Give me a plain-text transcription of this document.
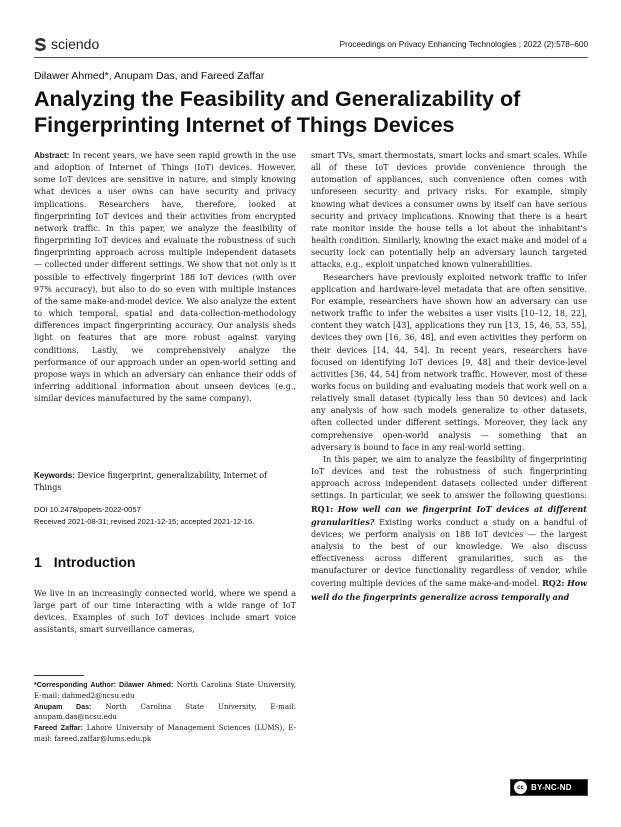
sciendo	Proceedings on Privacy Enhancing Technologies ; 2022 (2):578–600
Dilawer Ahmed*, Anupam Das, and Fareed Zaffar
Analyzing the Feasibility and Generalizability of
Fingerprinting Internet of Things Devices

Abstract: In recent years, we have seen rapid growth in the use and adoption of Internet of Things (IoT) devices. However, some IoT devices are sensitive in nature, and simply knowing what devices a user owns can have security and privacy implications. Researchers have, therefore, looked at fingerprinting IoT devices and their activities from encrypted network traffic. In this paper, we analyze the feasibility of fingerprinting IoT devices and evaluate the robustness of such fingerprinting approach across multiple independent datasets — collected under different settings. We show that not only is it possible to effectively fingerprint 188 IoT devices (with over 97% accuracy), but also to do so even with multiple instances of the same make-and-model device. We also analyze the extent to which temporal, spatial and data-collection-methodology differences impact fingerprinting accuracy. Our analysis sheds light on features that are more robust against varying conditions. Lastly, we comprehensively analyze the performance of our approach under an open-world setting and propose ways in which an adversary can enhance their odds of inferring additional information about unseen devices (e.g., similar devices manufactured by the same company).

Keywords: Device fingerprint, generalizability, Internet of Things
DOI 10.2478/popets-2022-0057
Received 2021-08-31; revised 2021-12-15; accepted 2021-12-16.
1 Introduction

We live in an increasingly connected world, where we spend a large part of our time interacting with a wide range of IoT devices. Examples of such IoT devices include smart voice assistants, smart surveillance cameras,

*Corresponding Author: Dilawer Ahmed: North Carolina State University, E-mail: dahmed2@ncsu.edu

Anupam Das: North Carolina State University, E-mail: anupam.das@ncsu.edu

Fareed Zaffar: Lahore University of Management Sciences (LUMS), E-mail: fareed.zaffar@lums.edu.pk

smart TVs, smart thermostats, smart locks and smart scales. While all of these IoT devices provide convenience through the automation of appliances, such convenience often comes with unforeseen security and privacy risks. For example, simply knowing what devices a consumer owns by itself can have serious security and privacy implications. Knowing that there is a heart rate monitor inside the house tells a lot about the inhabitant's health condition. Similarly, knowing the exact make and model of a security lock can potentially help an adversary launch targeted attacks, e.g., exploit unpatched known vulnerabilities.

Researchers have previously exploited network traffic to infer application and hardware-level metadata that are often sensitive. For example, researchers have shown how an adversary can use network traffic to infer the websites a user visits [10–12, 18, 22], content they watch [43], applications they run [13, 15, 46, 53, 55], devices they own [16, 36, 48], and even activities they perform on their devices [14, 44, 54]. In recent years, researchers have focused on identifying IoT devices [9, 48] and their device-level activities [36, 44, 54] from network traffic. However, most of these works focus on building and evaluating models that work well on a relatively small dataset (typically less than 50 devices) and lack any analysis of how such models generalize to other datasets, often collected under different settings. Moreover, they lack any comprehensive open-world analysis — something that an adversary is bound to face in any real-world setting.

In this paper, we aim to analyze the feasibility of fingerprinting IoT devices and test the robustness of such fingerprinting approach across independent datasets collected under different settings. In particular, we seek to answer the following questions: RQ1: How well can we fingerprint IoT devices at different granularities? Existing works conduct a study on a handful of devices; we perform analysis on 188 IoT devices — the largest analysis to the best of our knowledge. We also discuss effectiveness across different granularities, such as the manufacturer or device functionality regardless of vendor, while covering multiple devices of the same make-and-model. RQ2: How well do the fingerprints generalize across temporally and

cc BY-NC-ND
